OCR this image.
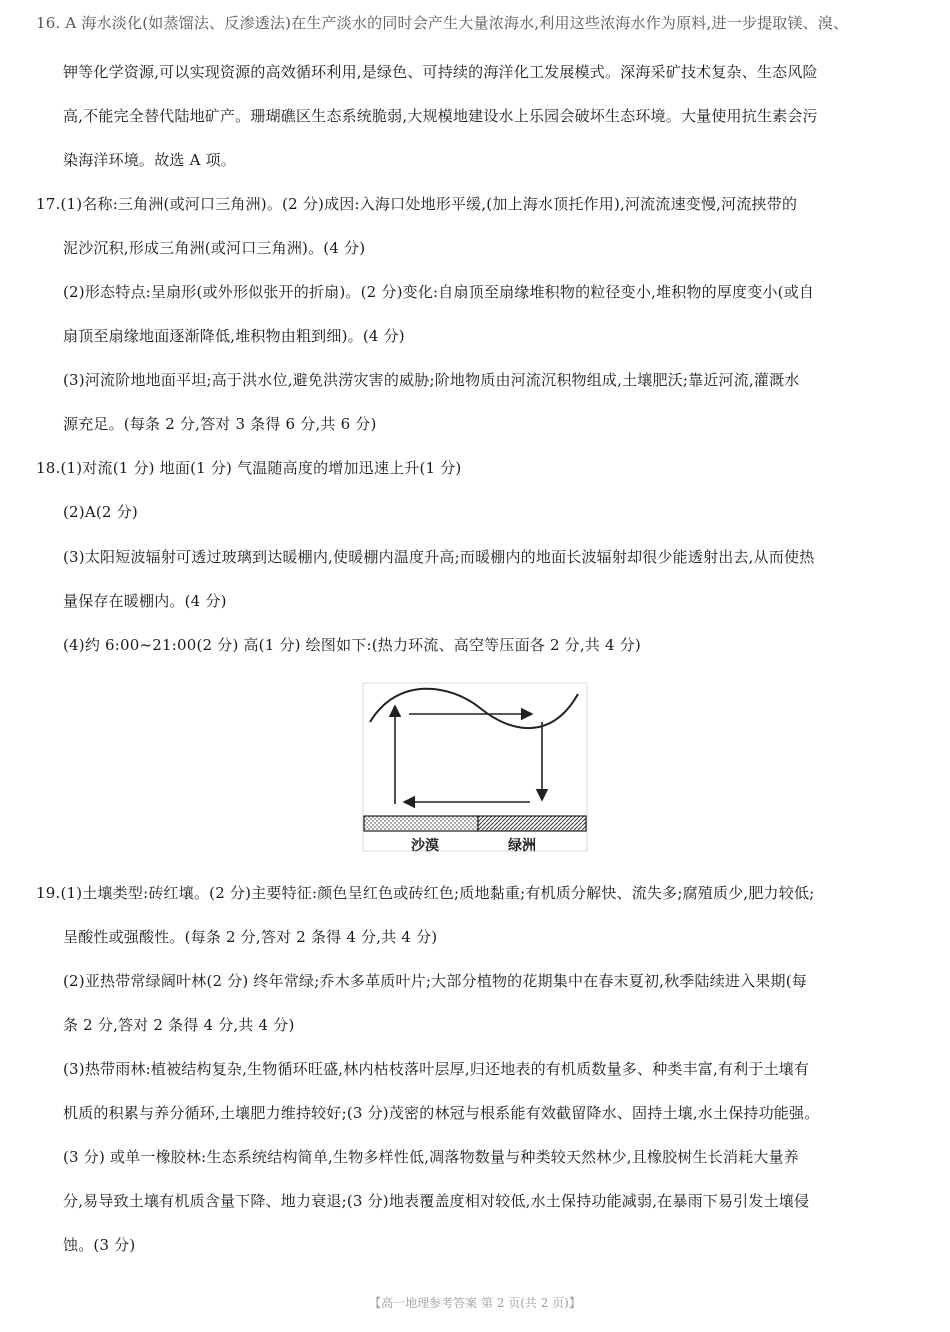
16. A 海水淡化(如蒸馏法、反渗透法)在生产淡水的同时会产生大量浓海水,利用这些浓海水作为原料,进一步提取镁、溴、
钾等化学资源,可以实现资源的高效循环利用,是绿色、可持续的海洋化工发展模式。深海采矿技术复杂、生态风险
高,不能完全替代陆地矿产。珊瑚礁区生态系统脆弱,大规模地建设水上乐园会破坏生态环境。大量使用抗生素会污
染海洋环境。故选 A 项。
17.(1)名称:三角洲(或河口三角洲)。(2 分)成因:入海口处地形平缓,(加上海水顶托作用),河流流速变慢,河流挟带的
泥沙沉积,形成三角洲(或河口三角洲)。(4 分)
(2)形态特点:呈扇形(或外形似张开的折扇)。(2 分)变化:自扇顶至扇缘堆积物的粒径变小,堆积物的厚度变小(或自
扇顶至扇缘地面逐渐降低,堆积物由粗到细)。(4 分)
(3)河流阶地地面平坦;高于洪水位,避免洪涝灾害的威胁;阶地物质由河流沉积物组成,土壤肥沃;靠近河流,灌溉水
源充足。(每条 2 分,答对 3 条得 6 分,共 6 分)
18.(1)对流(1 分) 地面(1 分) 气温随高度的增加迅速上升(1 分)
(2)A(2 分)
(3)太阳短波辐射可透过玻璃到达暖棚内,使暖棚内温度升高;而暖棚内的地面长波辐射却很少能透射出去,从而使热
量保存在暖棚内。(4 分)
(4)约 6:00~21:00(2 分) 高(1 分) 绘图如下:(热力环流、高空等压面各 2 分,共 4 分)
沙漠	绿洲
19.(1)土壤类型:砖红壤。(2 分)主要特征:颜色呈红色或砖红色;质地黏重;有机质分解快、流失多;腐殖质少,肥力较低;
呈酸性或强酸性。(每条 2 分,答对 2 条得 4 分,共 4 分)
(2)亚热带常绿阔叶林(2 分) 终年常绿;乔木多革质叶片;大部分植物的花期集中在春末夏初,秋季陆续进入果期(每
条 2 分,答对 2 条得 4 分,共 4 分)
(3)热带雨林:植被结构复杂,生物循环旺盛,林内枯枝落叶层厚,归还地表的有机质数量多、种类丰富,有利于土壤有
机质的积累与养分循环,土壤肥力维持较好;(3 分)茂密的林冠与根系能有效截留降水、固持土壤,水土保持功能强。
(3 分) 或单一橡胶林:生态系统结构简单,生物多样性低,凋落物数量与种类较天然林少,且橡胶树生长消耗大量养
分,易导致土壤有机质含量下降、地力衰退;(3 分)地表覆盖度相对较低,水土保持功能减弱,在暴雨下易引发土壤侵
蚀。(3 分)
【高一地理参考答案 第 2 页(共 2 页)】
